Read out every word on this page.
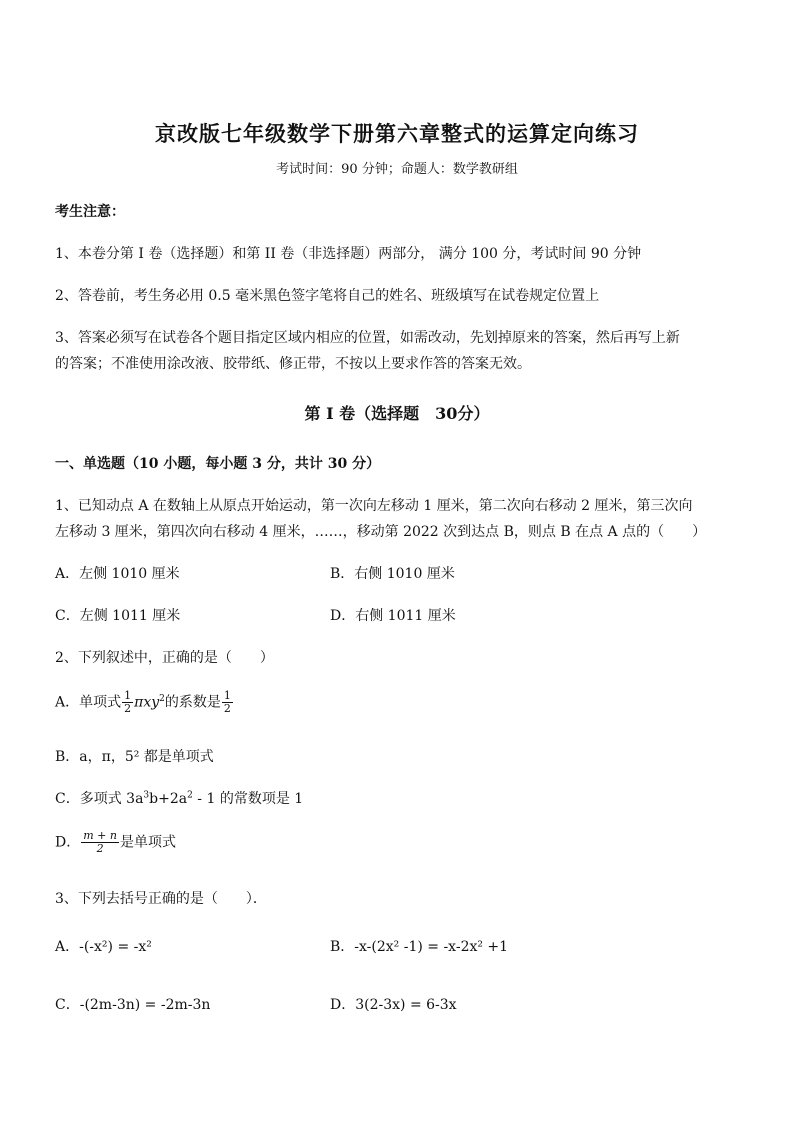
京改版七年级数学下册第六章整式的运算定向练习
考试时间：90 分钟；命题人：数学教研组
考生注意：
1、本卷分第 I 卷（选择题）和第 II 卷（非选择题）两部分， 满分 100 分，考试时间 90 分钟
2、答卷前，考生务必用 0.5 毫米黑色签字笔将自己的姓名、班级填写在试卷规定位置上
3、答案必须写在试卷各个题目指定区域内相应的位置，如需改动，先划掉原来的答案，然后再写上新
的答案；不准使用涂改液、胶带纸、修正带，不按以上要求作答的答案无效。
第 I 卷（选择题　30分）
一、单选题（10 小题，每小题 3 分，共计 30 分）
1、已知动点 A 在数轴上从原点开始运动，第一次向左移动 1 厘米，第二次向右移动 2 厘米，第三次向
左移动 3 厘米，第四次向右移动 4 厘米，……，移动第 2022 次到达点 B，则点 B 在点 A 点的（　　）
A．左侧 1010 厘米	B．右侧 1010 厘米
C．左侧 1011 厘米	D．右侧 1011 厘米
2、下列叙述中，正确的是（　　）
A．单项式 $\frac{1}{2} \pi xy^2$的系数是 $\frac{1}{2}$
B．a，π，5² 都是单项式
C．多项式 $3a^3b+2a^2 - 1$ 的常数项是 1
D． $\frac{m + n}{2}$ 是单项式
3、下列去括号正确的是（　　）．
A．-(-x²) = -x²	B．-x-(2x² -1) = -x-2x² +1
C．-(2m-3n) = -2m-3n	D．3(2-3x) = 6-3x
